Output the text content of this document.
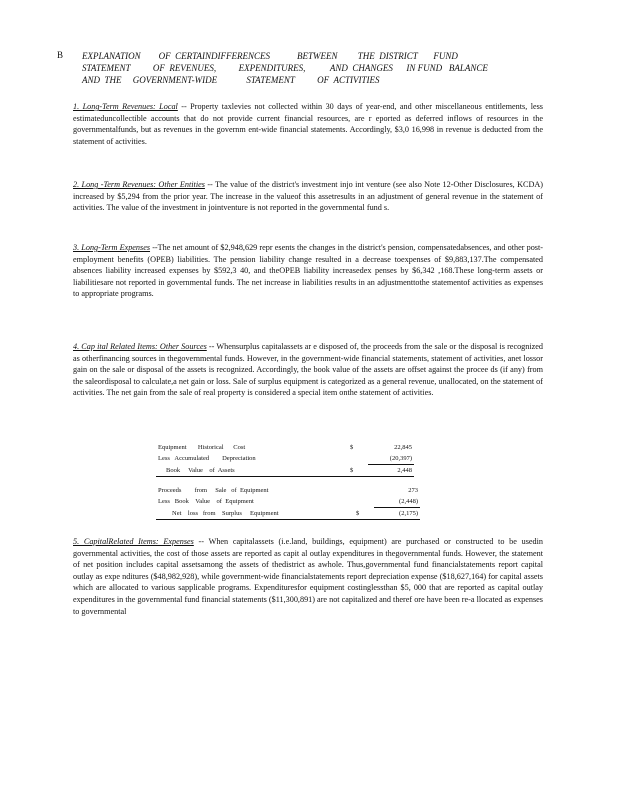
B EXPLANATION        OF  CERTAINDIFFERENCES            BETWEEN         THE  DISTRICT       FUND
STATEMENT          OF  REVENUES,          EXPENDITURES,           AND  CHANGES      IN FUND   BALANCE
AND  THE     GOVERNMENT-WIDE             STATEMENT          OF  ACTIVITIES
1. Long-Term Revenues: Local -- Property taxlevies not collected within 30 days of year-end, and other miscellaneous entitlements, less estimateduncollectible accounts that do not provide current financial resources, are r eported as deferred inflows of resources in the governmentalfunds, but as revenues in the governm ent-wide financial statements. Accordingly, $3,0 16,998 in revenue is deducted from the statement of activities.
2. Long -Term Revenues: Other Entities -- The value of the district's investment injo int venture (see also Note 12-Other Disclosures, KCDA) increased by $5,294 from the prior year. The increase in the valueof this assetresults in an adjustment of general revenue in the statement of activities. The value of the investment in jointventure is not reported in the governmental fund s.
3. Long-Term Expenses --The net amount of $2,948,629 repr esents the changes in the district's pension, compensatedabsences, and other post-employment benefits (OPEB) liabilities. The pension liability change resulted in a decrease toexpenses of $9,883,137.The compensated absences liability increased expenses by $592,3 40, and theOPEB liability increasedex penses by $6,342 ,168.These long-term assets or liabilitiesare not reported in governmental funds. The net increase in liabilities results in an adjustmenttothe statementof activities as expenses to appropriate programs.
4. Cap ital Related Items: Other Sources -- Whensurplus capitalassets ar e disposed of, the proceeds from the sale or the disposal is recognized as otherfinancing sources in thegovernmental funds. However, in the government-wide financial statements, statement of activities, anet lossor gain on the sale or disposal of the assets is recognized. Accordingly, the book value of the assets are offset against the procee ds (if any) from the saleordisposal to calculate,a net gain or loss. Sale of surplus equipment is categorized as a general revenue, unallocated, on the statement of activities. The net gain from the sale of real property is considered a special item onthe statement of activities.
Equipment       Historical      Cost	$	22,845
Less   Accumulated        Depreciation		(20,397)
Book     Value    of  Assets	$	2,448
Proceeds        from     Sale   of  Equipment		273
Less   Book    Value    of  Equipment		(2,448)
Net    loss   from    Surplus     Equipment	$	(2,175)
5. CapitalRelated Items: Expenses -- When capitalassets (i.e.land, buildings, equipment) are purchased or constructed to be usedin governmental activities, the cost of those assets are reported as capit al outlay expenditures in thegovernmental funds. However, the statement of net position includes capital assetsamong the assets of thedistrict as awhole. Thus,governmental fund financialstatements report capital outlay as expe nditures ($48,982,928), while government-wide financialstatements report depreciation expense ($18,627,164) for capital assets which are allocated to various sapplicable programs. Expendituresfor equipment costinglessthan $5, 000 that are reported as capital outlay expenditures in the governmental fund financial statements ($11,300,891) are not capitalized and theref ore have been re-a llocated as expenses to governmental
